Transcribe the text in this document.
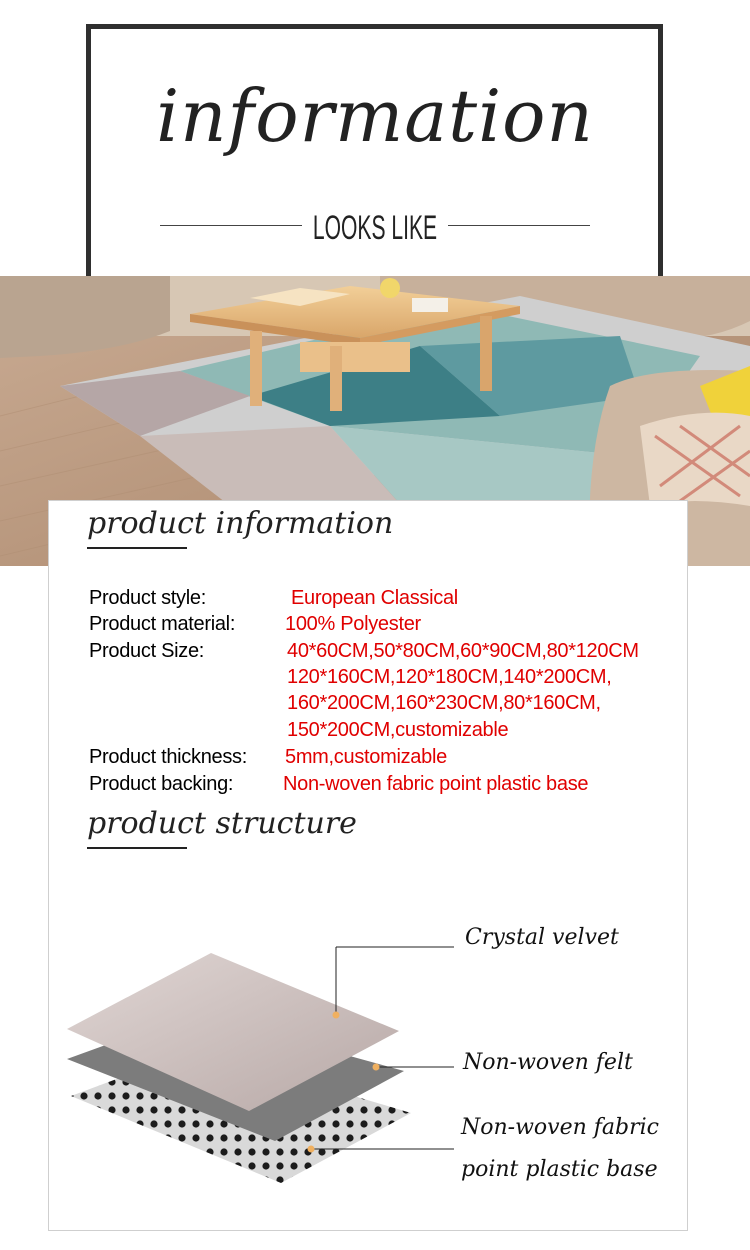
information
LOOKS LIKE
product information
Product style:	European Classical
Product material: 100% Polyester
Product Size:	40*60CM,50*80CM,60*90CM,80*120CM
120*160CM,120*180CM,140*200CM,
160*200CM,160*230CM,80*160CM,
150*200CM,customizable
Product thickness: 5mm,customizable
Product backing: Non-woven fabric point plastic base
product structure
Crystal velvet
Non-woven felt
Non-woven fabric
point plastic base
